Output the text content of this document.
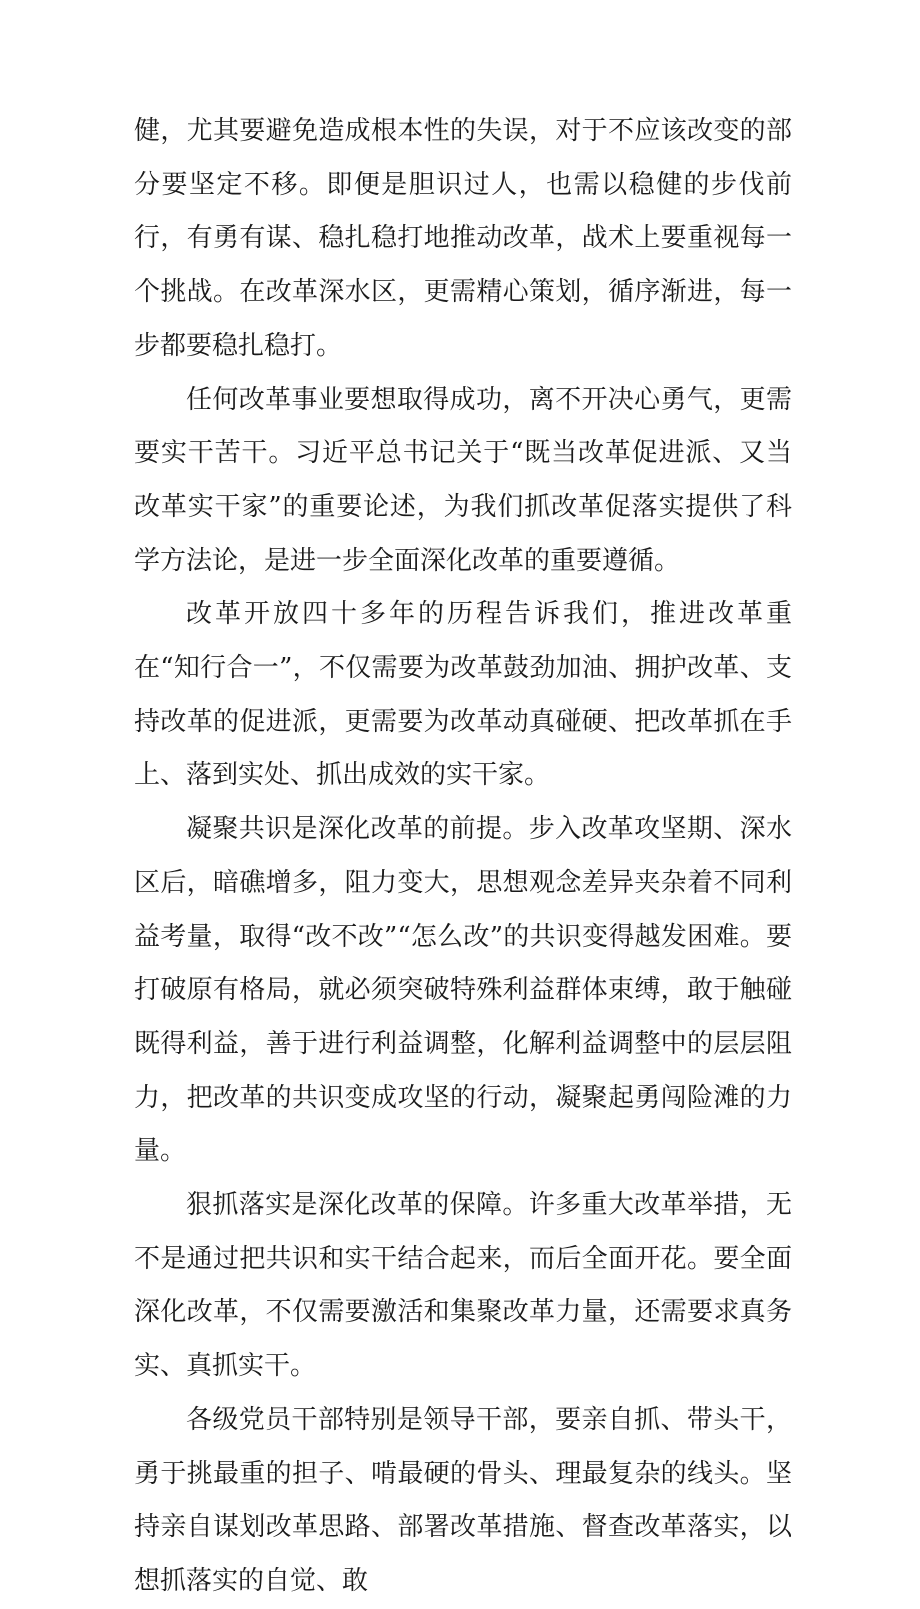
健，尤其要避免造成根本性的失误，对于不应该改变的部分要坚定不移。即便是胆识过人，也需以稳健的步伐前行，有勇有谋、稳扎稳打地推动改革，战术上要重视每一个挑战。在改革深水区，更需精心策划，循序渐进，每一步都要稳扎稳打。

任何改革事业要想取得成功，离不开决心勇气，更需要实干苦干。习近平总书记关于“既当改革促进派、又当改革实干家”的重要论述，为我们抓改革促落实提供了科学方法论，是进一步全面深化改革的重要遵循。

改革开放四十多年的历程告诉我们，推进改革重在“知行合一”，不仅需要为改革鼓劲加油、拥护改革、支持改革的促进派，更需要为改革动真碰硬、把改革抓在手上、落到实处、抓出成效的实干家。

凝聚共识是深化改革的前提。步入改革攻坚期、深水区后，暗礁增多，阻力变大，思想观念差异夹杂着不同利益考量，取得“改不改”“怎么改”的共识变得越发困难。要打破原有格局，就必须突破特殊利益群体束缚，敢于触碰既得利益，善于进行利益调整，化解利益调整中的层层阻力，把改革的共识变成攻坚的行动，凝聚起勇闯险滩的力量。

狠抓落实是深化改革的保障。许多重大改革举措，无不是通过把共识和实干结合起来，而后全面开花。要全面深化改革，不仅需要激活和集聚改革力量，还需要求真务实、真抓实干。

各级党员干部特别是领导干部，要亲自抓、带头干，勇于挑最重的担子、啃最硬的骨头、理最复杂的线头。坚持亲自谋划改革思路、部署改革措施、督查改革落实，以想抓落实的自觉、敢
